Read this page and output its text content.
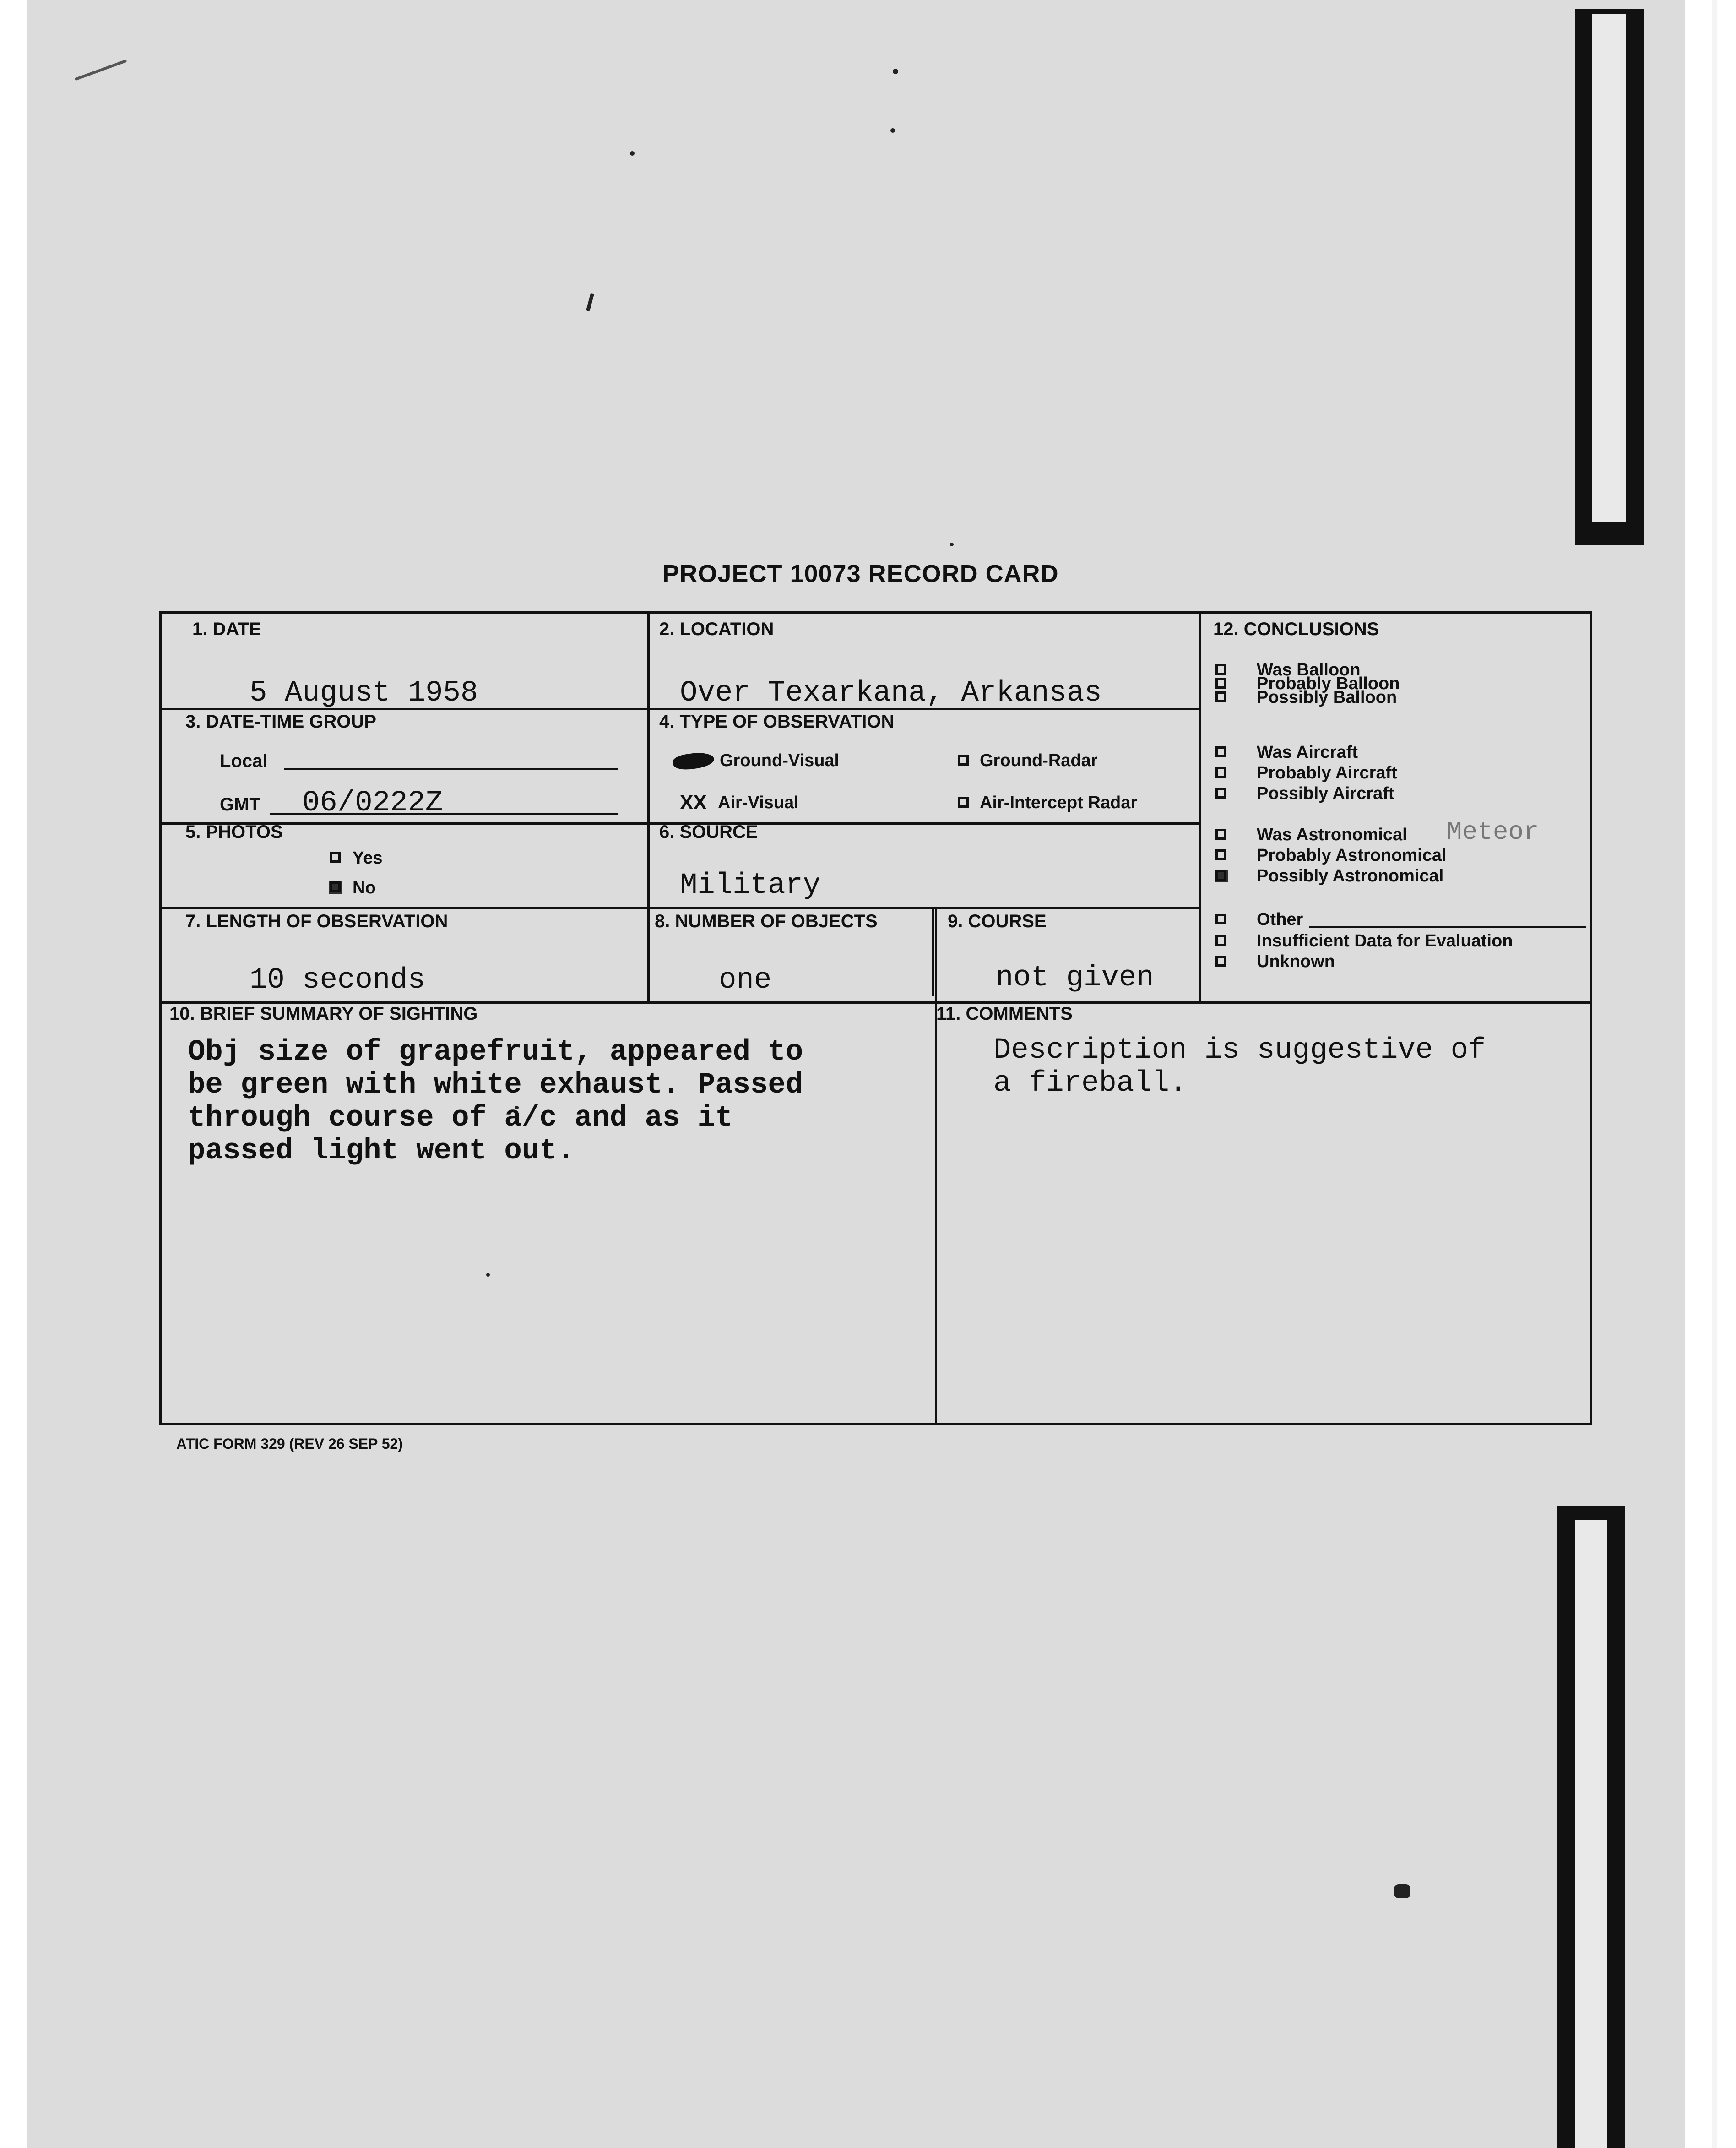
PROJECT 10073 RECORD CARD
1. DATE
5 August 1958
2. LOCATION
Over Texarkana, Arkansas
3. DATE-TIME GROUP
Local
GMT 06/0222Z
4. TYPE OF OBSERVATION
Ground-Visual	Ground-Radar
XX Air-Visual	Air-Intercept Radar
5. PHOTOS
Yes
No
6. SOURCE
Military
7. LENGTH OF OBSERVATION
10 seconds
8. NUMBER OF OBJECTS
one
9. COURSE
not given
10. BRIEF SUMMARY OF SIGHTING
Obj size of grapefruit, appeared to
be green with white exhaust. Passed
through course of a/c and as it
passed light went out.
11. COMMENTS
Description is suggestive of
a fireball.
12. CONCLUSIONS
Was Balloon
Probably Balloon
Possibly Balloon
Was Aircraft
Probably Aircraft
Possibly Aircraft
Was Astronomical Meteor
Probably Astronomical
Possibly Astronomical
Other
Insufficient Data for Evaluation
Unknown
ATIC FORM 329 (REV 26 SEP 52)
